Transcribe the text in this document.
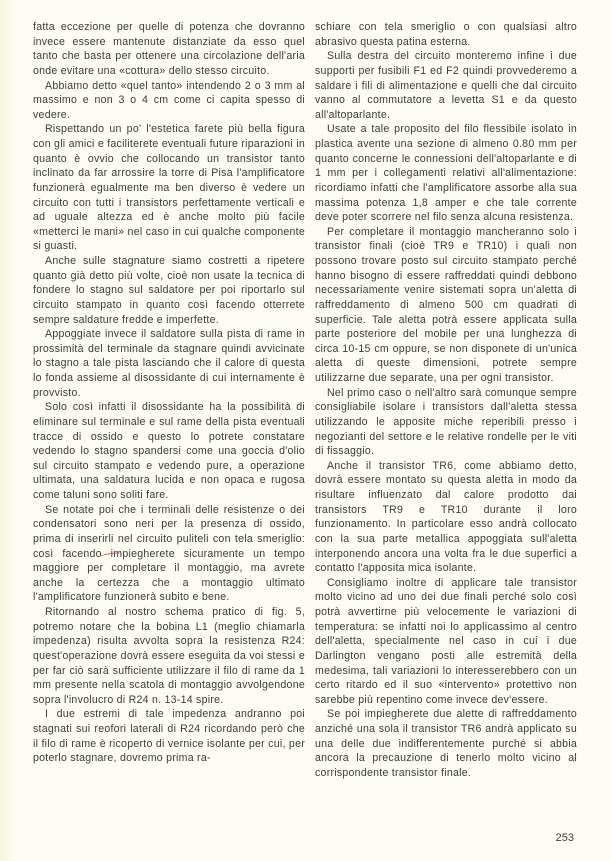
fatta eccezione per quelle di potenza che dovranno invece essere mantenute distanziate da esso quel tanto che basta per ottenere una circolazione dell'aria onde evitare una «cottura» dello stesso circuito.

Abbiamo detto «quel tanto» intendendo 2 o 3 mm al massimo e non 3 o 4 cm come ci capita spesso di vedere.

Rispettando un po' l'estetica farete più bella figura con gli amici e faciliterete eventuali future riparazioni in quanto è ovvio che collocando un transistor tanto inclinato da far arrossire la torre di Pisa l'amplificatore funzionerà egualmente ma ben diverso è vedere un circuito con tutti i transistors perfettamente verticali e ad uguale altezza ed è anche molto più facile «metterci le mani» nel caso in cui qualche componente si guasti.

Anche sulle stagnature siamo costretti a ripetere quanto già detto più volte, cioè non usate la tecnica di fondere lo stagno sul saldatore per poi riportarlo sul circuito stampato in quanto così facendo otterrete sempre saldature fredde e imperfette.

Appoggiate invece il saldatore sulla pista di rame in prossimità del terminale da stagnare quindi avvicinate lo stagno a tale pista lasciando che il calore di questa lo fonda assieme al disossidante di cui internamente è provvisto.

Solo così infatti il disossidante ha la possibilità di eliminare sul terminale e sul rame della pista eventuali tracce di ossido e questo lo potrete constatare vedendo lo stagno spandersi come una goccia d'olio sul circuito stampato e vedendo pure, a operazione ultimata, una saldatura lucida e non opaca e rugosa come taluni sono soliti fare.

Se notate poi che i terminali delle resistenze o dei condensatori sono neri per la presenza di ossido, prima di inserirli nel circuito puliteli con tela smeriglio: così facendo impiegherete sicuramente un tempo maggiore per completare il montaggio, ma avrete anche la certezza che a montaggio ultimato l'amplificatore funzionerà subito e bene.

Ritornando al nostro schema pratico di fig. 5, potremo notare che la bobina L1 (meglio chiamarla impedenza) risulta avvolta sopra la resistenza R24: quest'operazione dovrà essere eseguita da voi stessi e per far ciò sarà sufficiente utilizzare il filo di rame da 1 mm presente nella scatola di montaggio avvolgendone sopra l'involucro di R24 n. 13-14 spire.

I due estremi di tale impedenza andranno poi stagnati sui reofori laterali di R24 ricordando però che il filo di rame è ricoperto di vernice isolante per cui, per poterlo stagnare, dovremo prima ra-

schiare con tela smeriglio o con qualsiasi altro abrasivo questa patina esterna.

Sulla destra del circuito monteremo infine i due supporti per fusibili F1 ed F2 quindi provvederemo a saldare i fili di alimentazione e quelli che dal circuito vanno al commutatore a levetta S1 e da questo all'altoparlante.

Usate a tale proposito del filo flessibile isolato in plastica avente una sezione di almeno 0.80 mm per quanto concerne le connessioni dell'altoparlante e di 1 mm per i collegamenti relativi all'alimentazione: ricordiamo infatti che l'amplificatore assorbe alla sua massima potenza 1,8 amper e che tale corrente deve poter scorrere nel filo senza alcuna resistenza.

Per completare il montaggio mancheranno solo i transistor finali (cioè TR9 e TR10) i quali non possono trovare posto sul circuito stampato perché hanno bisogno di essere raffreddati quindi debbono necessariamente venire sistemati sopra un'aletta di raffreddamento di almeno 500 cm quadrati di superficie. Tale aletta potrà essere applicata sulla parte posteriore del mobile per una lunghezza di circa 10-15 cm oppure, se non disponete di un'unica aletta di queste dimensioni, potrete sempre utilizzarne due separate, una per ogni transistor.

Nel primo caso o nell'altro sarà comunque sempre consigliabile isolare i transistors dall'aletta stessa utilizzando le apposite miche reperibili presso i negozianti del settore e le relative rondelle per le viti di fissaggio.

Anche il transistor TR6, come abbiamo detto, dovrà essere montato su questa aletta in modo da risultare influenzato dal calore prodotto dai transistors TR9 e TR10 durante il loro funzionamento. In particolare esso andrà collocato con la sua parte metallica appoggiata sull'aletta interponendo ancora una volta fra le due superfici a contatto l'apposita mica isolante.

Consigliamo inoltre di applicare tale transistor molto vicino ad uno dei due finali perché solo così potrà avvertirne più velocemente le variazioni di temperatura: se infatti noi lo applicassimo al centro dell'aletta, specialmente nel caso in cui i due Darlington vengano posti alle estremità della medesima, tali variazioni lo interesserebbero con un certo ritardo ed il suo «intervento» protettivo non sarebbe più repentino come invece dev'essere.

Se poi impiegherete due alette di raffreddamento anziché una sola il transistor TR6 andrà applicato su una delle due indifferentemente purché si abbia ancora la precauzione di tenerlo molto vicino al corrispondente transistor finale.

253
